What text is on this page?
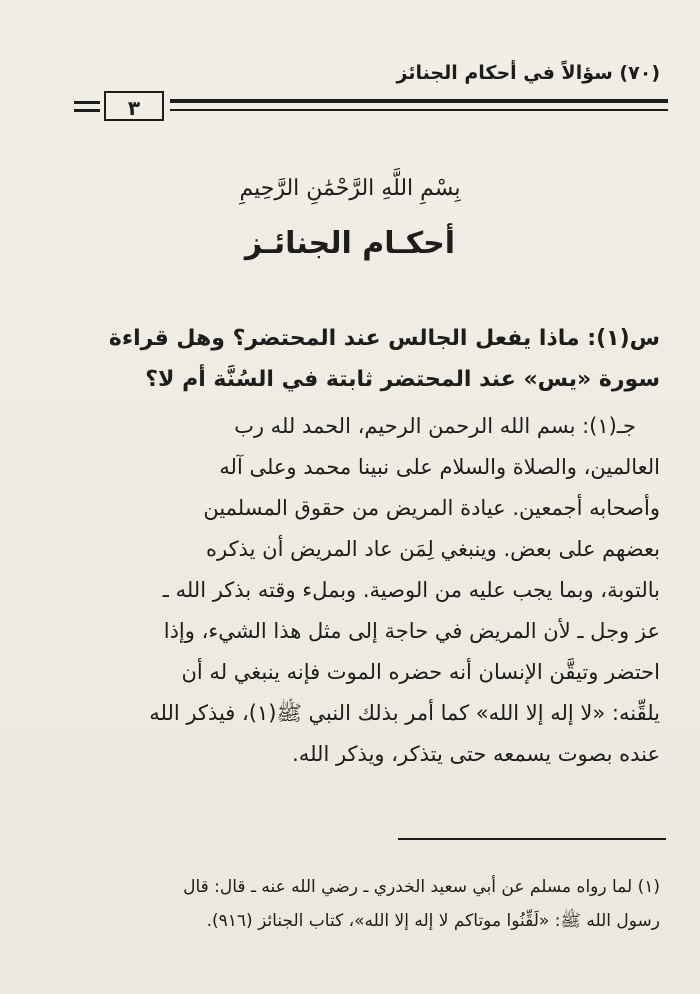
(٧٠) سؤالاً في أحكام الجنائز
٣
بِسْمِ اللَّهِ الرَّحْمَٰنِ الرَّحِيمِ
أحكـام الجنائـز
س(١): ماذا يفعل الجالس عند المحتضر؟ وهل قراءة
سورة «يس» عند المحتضر ثابتة في السُنَّة أم لا؟
جـ(١): بسم الله الرحمن الرحيم، الحمد لله رب
العالمين، والصلاة والسلام على نبينا محمد وعلى آله
وأصحابه أجمعين. عيادة المريض من حقوق المسلمين
بعضهم على بعض. وينبغي لِمَن عاد المريض أن يذكره
بالتوبة، وبما يجب عليه من الوصية. وبملء وقته بذكر الله ـ
عز وجل ـ لأن المريض في حاجة إلى مثل هذا الشيء، وإذا
احتضر وتيقَّن الإنسان أنه حضره الموت فإنه ينبغي له أن
يلقِّنه: «لا إله إلا الله» كما أمر بذلك النبي ﷺ(١)، فيذكر الله
عنده بصوت يسمعه حتى يتذكر، ويذكر الله.
(١) لما رواه مسلم عن أبي سعيد الخدري ـ رضي الله عنه ـ قال: قال
رسول الله ﷺ: «لَقِّنُوا موتاكم لا إله إلا الله»، كتاب الجنائز (٩١٦).
